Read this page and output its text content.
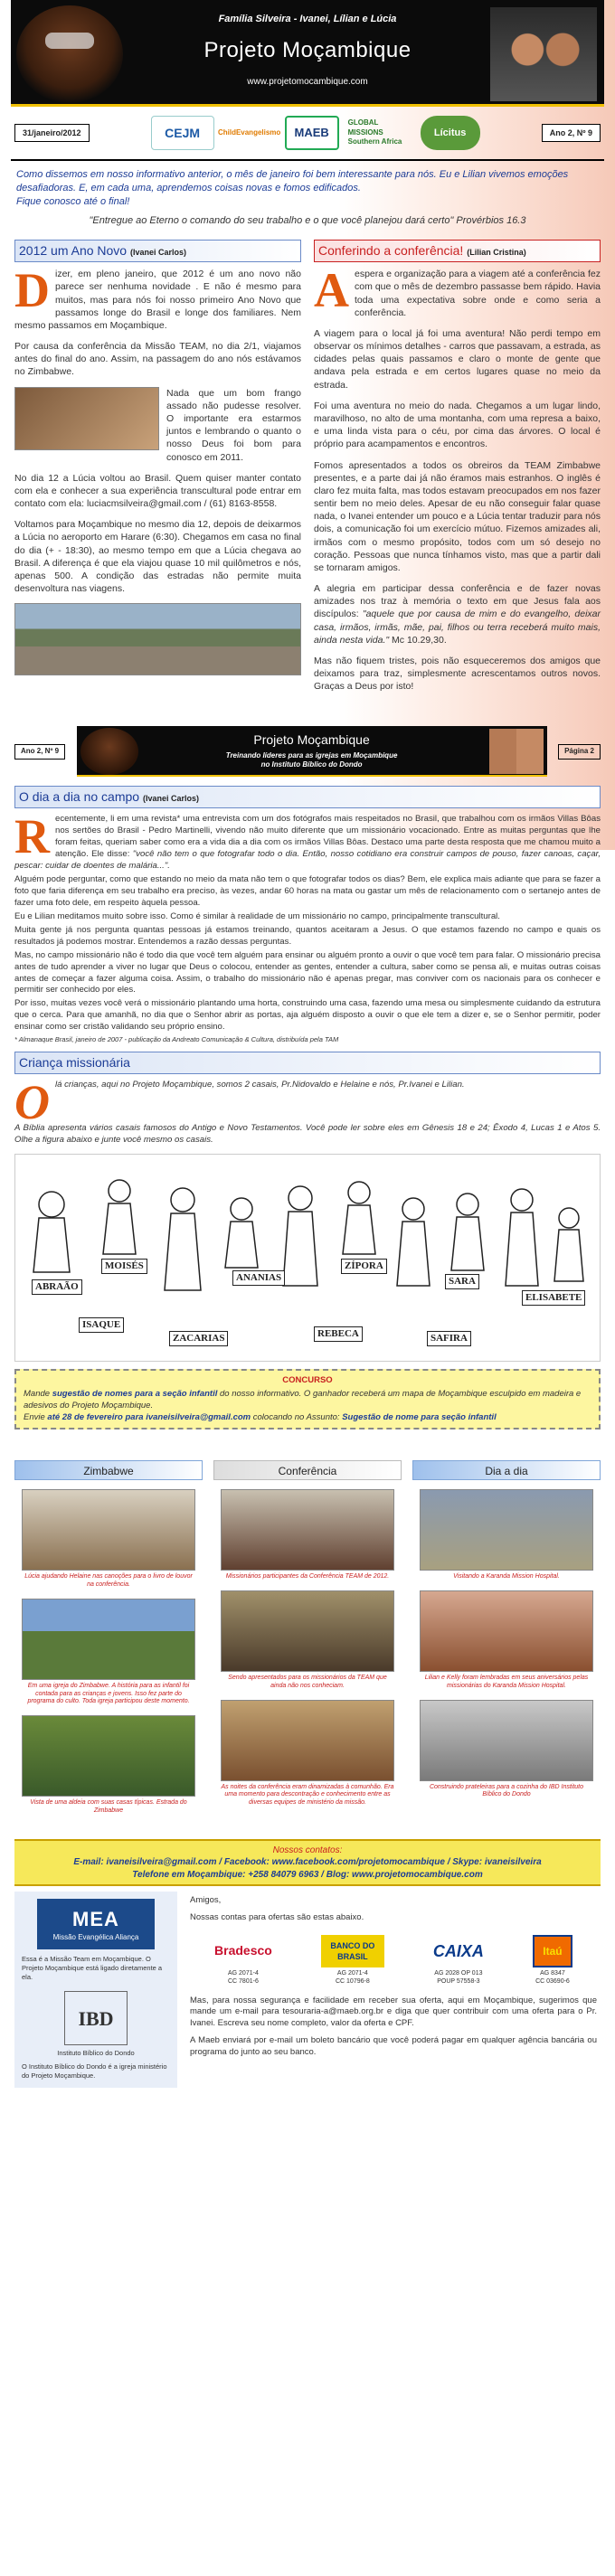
Família Silveira - Ivanei, Lílian e Lúcia
Projeto Moçambique
www.projetomocambique.com
31/janeiro/2012	CEJM	ChildEvangelismo	MAEB
GLOBAL MISSIONS Southern Africa
Lícitus	Ano 2, Nº 9
Como dissemos em nosso informativo anterior, o mês de janeiro foi bem interessante para nós. Eu e Lilian vivemos emoções desafiadoras. E, em cada uma, aprendemos coisas novas e fomos edificados.
Fique conosco até o final!
"Entregue ao Eterno o comando do seu trabalho e o que você planejou dará certo" Provérbios 16.3
2012 um Ano Novo (Ivanei Carlos)

Dizer, em pleno janeiro, que 2012 é um ano novo não parece ser nenhuma novidade . E não é mesmo para muitos, mas para nós foi nosso primeiro Ano Novo que passamos longe do Brasil e longe dos familiares. Nem mesmo passamos em Moçambique.

Por causa da conferência da Missão TEAM, no dia 2/1, viajamos antes do final do ano. Assim, na passagem do ano nós estávamos no Zimbabwe.

Nada que um bom frango assado não pudesse resolver. O importante era estarmos juntos e lembrando o quanto o nosso Deus foi bom para conosco em 2011.

No dia 12 a Lúcia voltou ao Brasil. Quem quiser manter contato com ela e conhecer a sua experiência transcultural pode entrar em contato com ela: luciacmsilveira@gmail.com / (61) 8163-8558.

Voltamos para Moçambique no mesmo dia 12, depois de deixarmos a Lúcia no aeroporto em Harare (6:30). Chegamos em casa no final do dia (+ - 18:30), ao mesmo tempo em que a Lúcia chegava ao Brasil. A diferença é que ela viajou quase 10 mil quilômetros e nós, apenas 500. A condição das estradas não permite muita desenvoltura nas viagens.

Conferindo a conferência! (Lilian Cristina)

Aespera e organização para a viagem até a conferência fez com que o mês de dezembro passasse bem rápido. Havia toda uma expectativa sobre onde e como seria a conferência.

A viagem para o local já foi uma aventura! Não perdi tempo em observar os mínimos detalhes - carros que passavam, a estrada, as cidades pelas quais passamos e claro o monte de gente que andava pela estrada e em certos lugares quase no meio da estrada.

Foi uma aventura no meio do nada. Chegamos a um lugar lindo, maravilhoso, no alto de uma montanha, com uma represa a baixo, e uma linda vista para o céu, por cima das árvores. O local é próprio para acampamentos e encontros.

Fomos apresentados a todos os obreiros da TEAM Zimbabwe presentes, e a parte dai já não éramos mais estranhos. O inglês é claro fez muita falta, mas todos estavam preocupados em nos fazer sentir bem no meio deles. Apesar de eu não conseguir falar quase nada, o Ivanei entender um pouco e a Lúcia tentar traduzir para nós dois, a comunicação foi um exercício mútuo. Fizemos amizades ali, irmãos com o mesmo propósito, todos com um só desejo no coração. Pessoas que nunca tínhamos visto, mas que a partir dali se tornaram amigos.

A alegria em participar dessa conferência e de fazer novas amizades nos traz à memória o texto em que Jesus fala aos discípulos: "aquele que por causa de mim e do evangelho, deixar casa, irmãos, irmãs, mãe, pai, filhos ou terra receberá muito mais, ainda nesta vida." Mc 10.29,30.

Mas não fiquem tristes, pois não esqueceremos dos amigos que deixamos para traz, simplesmente acrescentamos outros novos. Graças a Deus por isto!

Ano 2, Nº 9
Projeto Moçambique
Treinando líderes para as igrejas em Moçambique
no Instituto Bíblico do Dondo
Página 2
O dia a dia no campo (Ivanei Carlos)

Recentemente, li em uma revista* uma entrevista com um dos fotógrafos mais respeitados no Brasil, que trabalhou com os irmãos Villas Bôas nos sertões do Brasil - Pedro Martinelli, vivendo não muito diferente que um missionário vocacionado. Entre as muitas perguntas que lhe foram feitas, queriam saber como era a vida dia a dia com os irmãos Villas Bôas. Destaco uma parte desta resposta que me chamou muito a atenção. Ele disse: "você não tem o que fotografar todo o dia. Então, nosso cotidiano era construir campos de pouso, fazer canoas, caçar, pescar: cuidar de doentes de malária...".

Alguém pode perguntar, como que estando no meio da mata não tem o que fotografar todos os dias? Bem, ele explica mais adiante que para se fazer a foto que faria diferença em seu trabalho era preciso, às vezes, andar 60 horas na mata ou gastar um mês de relacionamento com o sertanejo antes de fazer uma foto dele, em respeito àquela pessoa.

Eu e Lilian meditamos muito sobre isso. Como é similar à realidade de um missionário no campo, principalmente transcultural.

Muita gente já nos pergunta quantas pessoas já estamos treinando, quantos aceitaram a Jesus. O que estamos fazendo no campo e quais os resultados já podemos mostrar. Entendemos a razão dessas perguntas.

Mas, no campo missionário não é todo dia que você tem alguém para ensinar ou alguém pronto a ouvir o que você tem para falar. O missionário precisa antes de tudo aprender a viver no lugar que Deus o colocou, entender as gentes, entender a cultura, saber como se pensa ali, e muitas outras coisas antes de começar a fazer alguma coisa. Assim, o trabalho do missionário não é apenas pregar, mas conviver com os nacionais para os conhecer e permitir ser conhecido por eles.

Por isso, muitas vezes você verá o missionário plantando uma horta, construindo uma casa, fazendo uma mesa ou simplesmente cuidando da estrutura que o cerca. Para que amanhã, no dia que o Senhor abrir as portas, aja alguém disposto a ouvir o que ele tem a dizer e, se o Senhor permitir, poder ensinar como ser cristão validando seu próprio ensino.

* Almanaque Brasil, janeiro de 2007 - publicação da Andreato Comunicação & Cultura, distribuída pela TAM
Criança missionária

Olá crianças, aqui no Projeto Moçambique, somos 2 casais, Pr.Nidovaldo e Helaine e nós, Pr.Ivanei e Lilian.

A Bíblia apresenta vários casais famosos do Antigo e Novo Testamentos. Você pode ler sobre eles em Gênesis 18 e 24; Êxodo 4, Lucas 1 e Atos 5. Olhe a figura abaixo e junte você mesmo os casais.

ABRAÃO
MOISÉS
ANANIAS
ZÍPORA
SARA
ELISABETE
ISAQUE
ZACARIAS	REBECA	SAFIRA
CONCURSO
Mande sugestão de nomes para a seção infantil do nosso informativo. O ganhador receberá um mapa de Moçambique esculpido em madeira e adesivos do Projeto Moçambique.
Envie até 28 de fevereiro para ivaneisilveira@gmail.com colocando no Assunto: Sugestão de nome para seção infantil
Zimbabwe
Lúcia ajudando Helaine nas canoções para o livro de louvor na conferência.
Em uma igreja do Zimbabwe. A história para as infantil foi contada para as crianças e jovens. Isso fez parte do programa do culto. Toda igreja participou deste momento.
Vista de uma aldeia com suas casas típicas. Estrada do Zimbabwe
Conferência
Missionários participantes da Conferência TEAM de 2012.
Sendo apresentados para os missionários da TEAM que ainda não nos conheciam.
As noites da conferência eram dinamizadas à comunhão. Era uma momento para descontração e conhecimento entre as diversas equipes de ministério da missão.
Dia a dia
Visitando a Karanda Mission Hospital.
Lilian e Kelly foram lembradas em seus aniversários pelas missionárias do Karanda Mission Hospital.
Construindo prateleiras para a cozinha do IBD Instituto Bíblico do Dondo
Nossos contatos:
E-mail: ivaneisilveira@gmail.com / Facebook: www.facebook.com/projetomocambique / Skype: ivaneisilveira
Telefone em Moçambique: +258 84079 6963 / Blog: www.projetomocambique.com
MEA
Missão Evangélica Aliança

Essa é a Missão Team em Moçambique. O Projeto Moçambique está ligado diretamente a ela.

IBD
Instituto Bíblico do Dondo

O Instituto Bíblico do Dondo é a igreja ministério do Projeto Moçambique.

Amigos,

Nossas contas para ofertas são estas abaixo.

Bradesco
AG 2071-4
CC 7801-6
BANCO DO BRASIL
AG 2071-4
CC 10796-8
CAIXA
AG 2028 OP 013
POUP 57558-3
Itaú
AG 8347
CC 03690-6

Mas, para nossa segurança e facilidade em receber sua oferta, aqui em Moçambique, sugerimos que mande um e-mail para tesouraria-a@maeb.org.br e diga que quer contribuir com uma oferta para o Pr. Ivanei. Escreva seu nome completo, valor da oferta e CPF.

A Maeb enviará por e-mail um boleto bancário que você poderá pagar em qualquer agência bancária ou programa do junto ao seu banco.
